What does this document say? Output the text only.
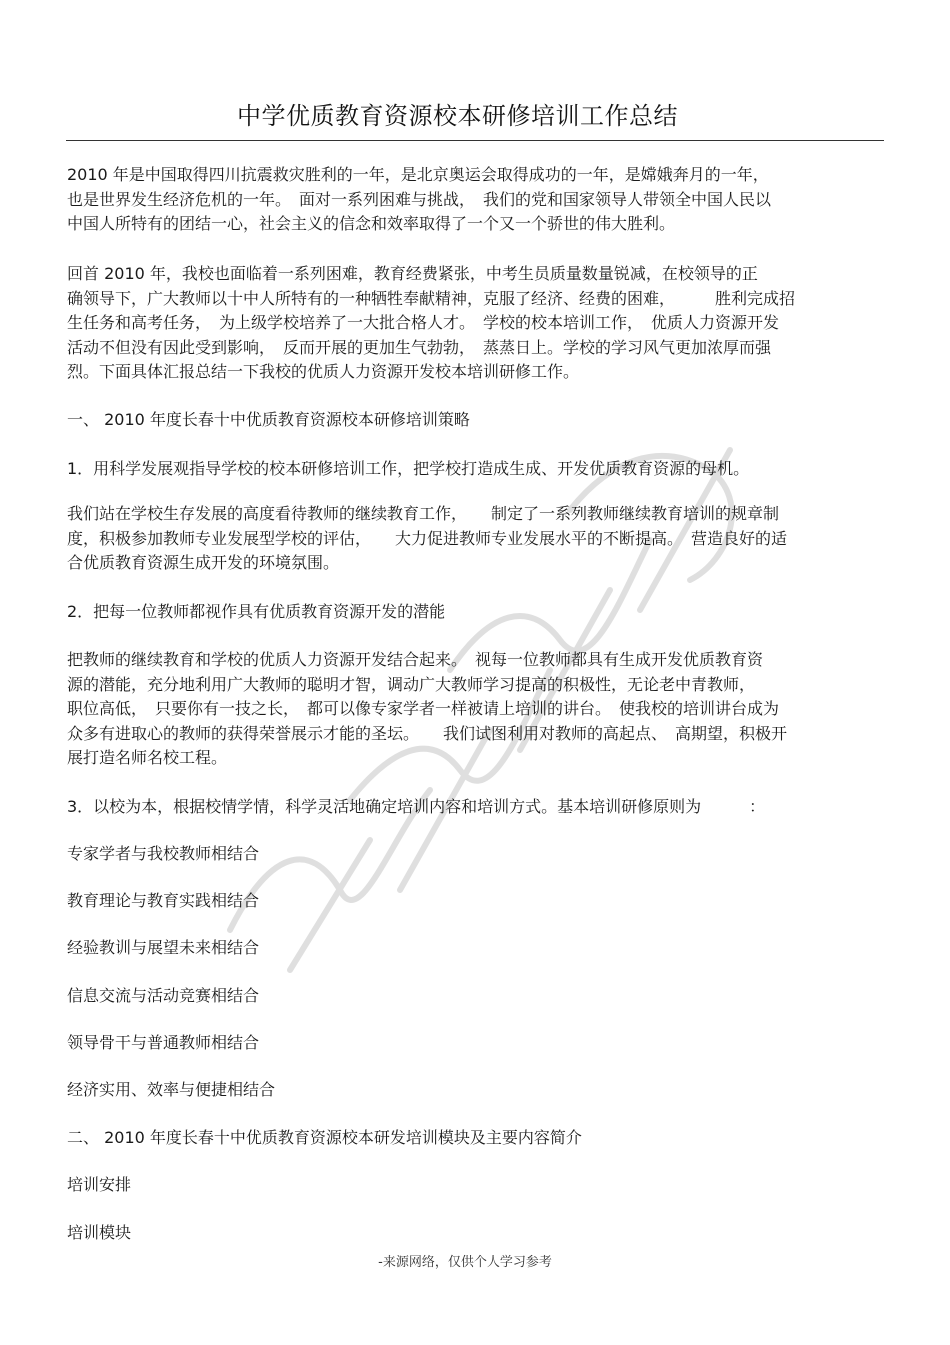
中学优质教育资源校本研修培训工作总结
2010 年是中国取得四川抗震救灾胜利的一年，是北京奥运会取得成功的一年，是嫦娥奔月的一年，
也是世界发生经济危机的一年。　面对一系列困难与挑战，　我们的党和国家领导人带领全中国人民以
中国人所特有的团结一心，社会主义的信念和效率取得了一个又一个骄世的伟大胜利。
回首 2010 年，我校也面临着一系列困难，教育经费紧张，中考生员质量数量锐减，在校领导的正
确领导下，广大教师以十中人所特有的一种牺牲奉献精神，克服了经济、经费的困难，　　　胜利完成招
生任务和高考任务，　为上级学校培养了一大批合格人才。　学校的校本培训工作，　优质人力资源开发
活动不但没有因此受到影响，　反而开展的更加生气勃勃，　蒸蒸日上。学校的学习风气更加浓厚而强
烈。下面具体汇报总结一下我校的优质人力资源开发校本培训研修工作。
一、 2010 年度长春十中优质教育资源校本研修培训策略
1．用科学发展观指导学校的校本研修培训工作，把学校打造成生成、开发优质教育资源的母机。
我们站在学校生存发展的高度看待教师的继续教育工作，　　制定了一系列教师继续教育培训的规章制
度，积极参加教师专业发展型学校的评估，　　大力促进教师专业发展水平的不断提高。　营造良好的适
合优质教育资源生成开发的环境氛围。
2．把每一位教师都视作具有优质教育资源开发的潜能
把教师的继续教育和学校的优质人力资源开发结合起来。　视每一位教师都具有生成开发优质教育资
源的潜能，充分地利用广大教师的聪明才智，调动广大教师学习提高的积极性，无论老中青教师，
职位高低，　只要你有一技之长，　都可以像专家学者一样被请上培训的讲台。　使我校的培训讲台成为
众多有进取心的教师的获得荣誉展示才能的圣坛。　　我们试图利用对教师的高起点、　高期望，积极开
展打造名师名校工程。
3．以校为本，根据校情学情，科学灵活地确定培训内容和培训方式。基本培训研修原则为　　　：
专家学者与我校教师相结合
教育理论与教育实践相结合
经验教训与展望未来相结合
信息交流与活动竞赛相结合
领导骨干与普通教师相结合
经济实用、效率与便捷相结合
二、 2010 年度长春十中优质教育资源校本研发培训模块及主要内容简介
培训安排
培训模块
-来源网络，仅供个人学习参考
